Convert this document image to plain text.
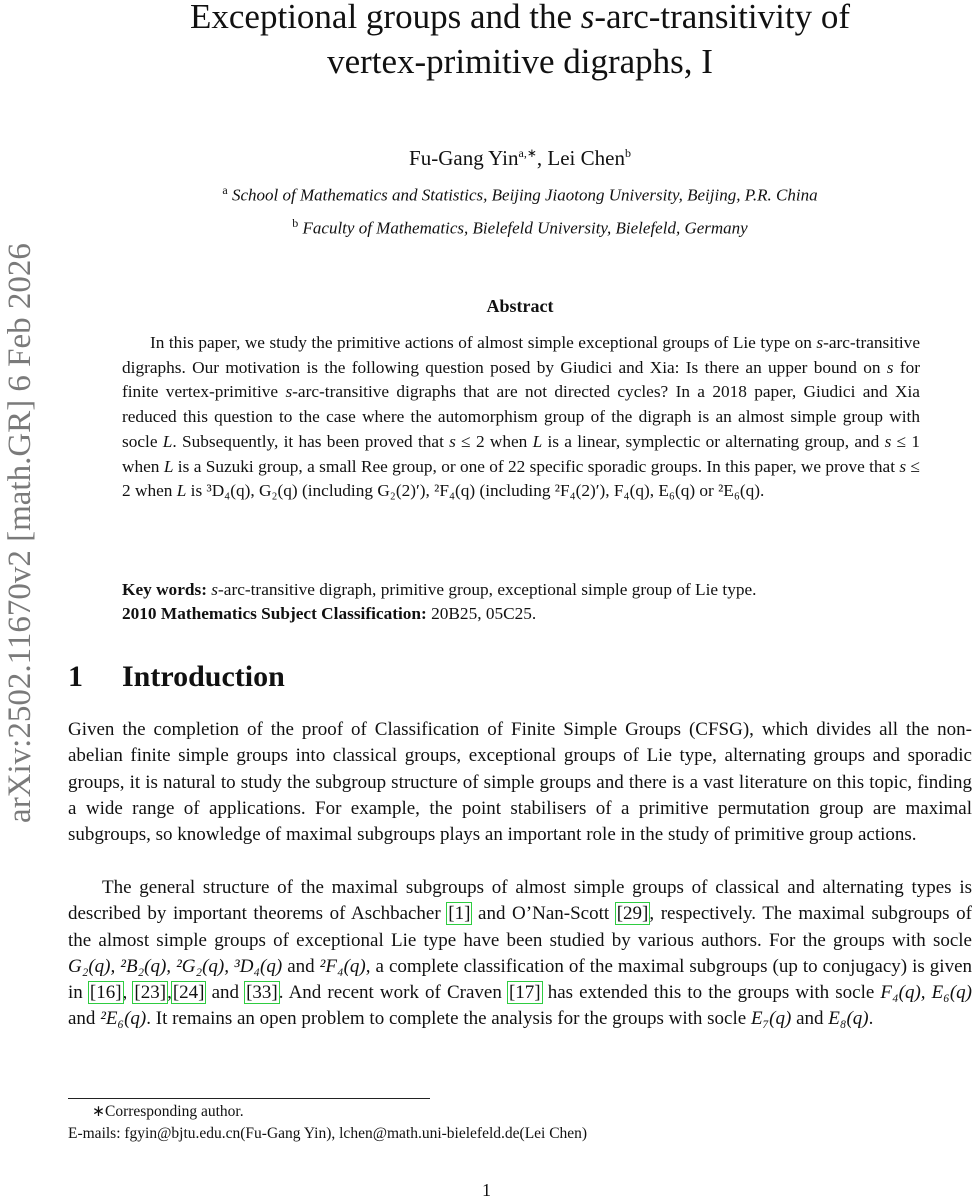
arXiv:2502.11670v2 [math.GR] 6 Feb 2026
Exceptional groups and the s-arc-transitivity of
vertex-primitive digraphs, I
Fu-Gang Yin$^{a,∗}$, Lei Chen$^b$
$^a$ School of Mathematics and Statistics, Beijing Jiaotong University, Beijing, P.R. China
$^b$ Faculty of Mathematics, Bielefeld University, Bielefeld, Germany
Abstract

In this paper, we study the primitive actions of almost simple exceptional groups of Lie type on s-arc-transitive digraphs. Our motivation is the following question posed by Giudici and Xia: Is there an upper bound on s for finite vertex-primitive s-arc-transitive digraphs that are not directed cycles? In a 2018 paper, Giudici and Xia reduced this question to the case where the automorphism group of the digraph is an almost simple group with socle L. Subsequently, it has been proved that s ≤ 2 when L is a linear, symplectic or alternating group, and s ≤ 1 when L is a Suzuki group, a small Ree group, or one of 22 specific sporadic groups. In this paper, we prove that s ≤ 2 when L is ³D₄(q), G₂(q) (including G₂(2)′), ²F₄(q) (including ²F₄(2)′), F₄(q), E₆(q) or ²E₆(q).

Key words: s-arc-transitive digraph, primitive group, exceptional simple group of Lie type.
2010 Mathematics Subject Classification: 20B25, 05C25.
1 Introduction

Given the completion of the proof of Classification of Finite Simple Groups (CFSG), which divides all the non-abelian finite simple groups into classical groups, exceptional groups of Lie type, alternating groups and sporadic groups, it is natural to study the subgroup structure of simple groups and there is a vast literature on this topic, finding a wide range of applications. For example, the point stabilisers of a primitive permutation group are maximal subgroups, so knowledge of maximal subgroups plays an important role in the study of primitive group actions.

The general structure of the maximal subgroups of almost simple groups of classical and alternating types is described by important theorems of Aschbacher [1] and O’Nan-Scott [29], respectively. The maximal subgroups of the almost simple groups of exceptional Lie type have been studied by various authors. For the groups with socle G₂(q), ²B₂(q), ²G₂(q), ³D₄(q) and ²F₄(q), a complete classification of the maximal subgroups (up to conjugacy) is given in [16], [23],[24] and [33]. And recent work of Craven [17] has extended this to the groups with socle F₄(q), E₆(q) and ²E₆(q). It remains an open problem to complete the analysis for the groups with socle E₇(q) and E₈(q).

∗Corresponding author.
E-mails: fgyin@bjtu.edu.cn(Fu-Gang Yin), lchen@math.uni-bielefeld.de(Lei Chen)
1
